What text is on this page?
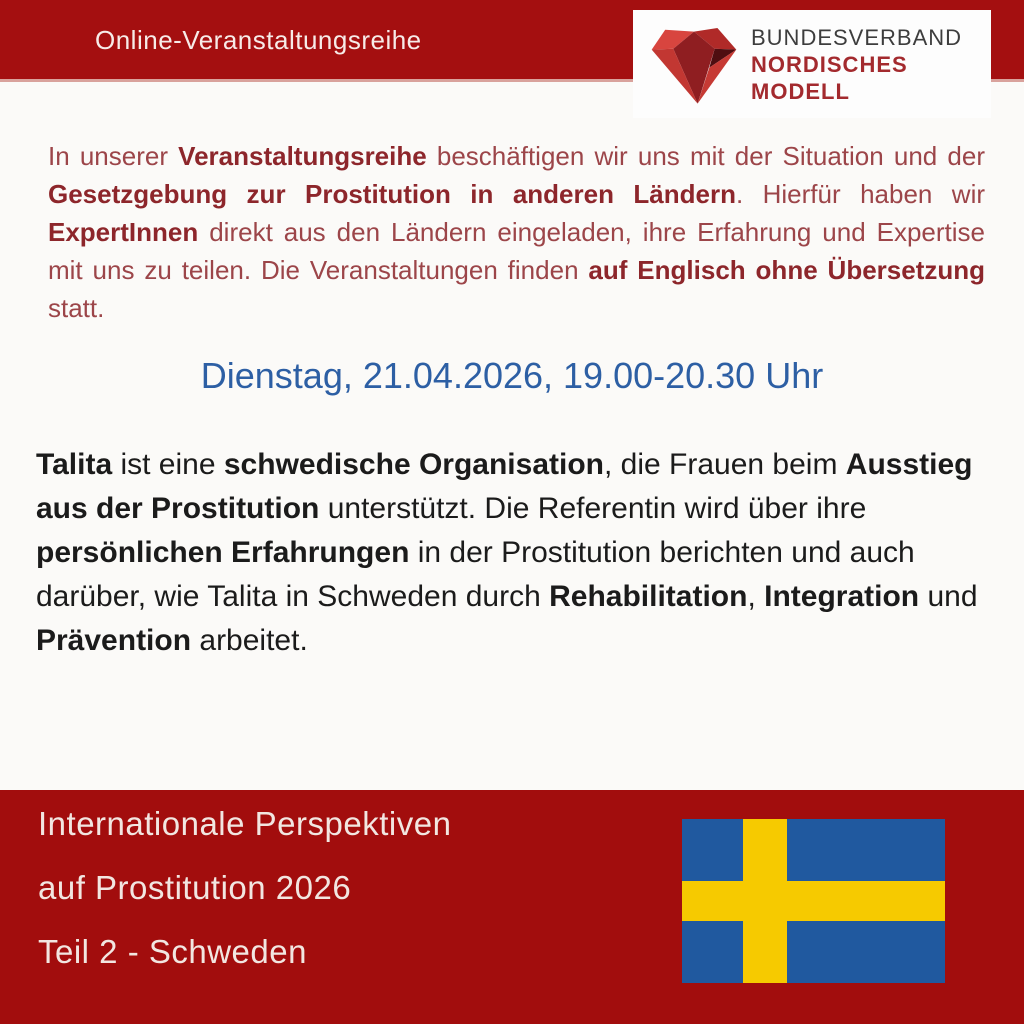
Online-Veranstaltungsreihe	BUNDESVERBAND
NORDISCHES
MODELL
In unserer Veranstaltungsreihe beschäftigen wir uns mit der Situation und der Gesetzgebung zur Prostitution in anderen Ländern. Hierfür haben wir ExpertInnen direkt aus den Ländern eingeladen, ihre Erfahrung und Expertise mit uns zu teilen. Die Veranstaltungen finden auf Englisch ohne Übersetzung statt.
Dienstag, 21.04.2026, 19.00-20.30 Uhr
Talita ist eine schwedische Organisation, die Frauen beim Ausstieg aus der Prostitution unterstützt. Die Referentin wird über ihre persönlichen Erfahrungen in der Prostitution berichten und auch darüber, wie Talita in Schweden durch Rehabilitation, Integration und Prävention arbeitet.
Internationale Perspektiven
auf Prostitution 2026
Teil 2 - Schweden
